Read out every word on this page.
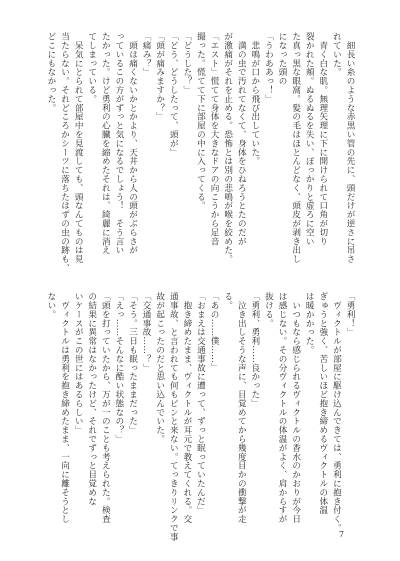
　細長い糸のような赤黒い管の先に、頭だけが逆さに吊さ
れていた。
　青く白な肌。無理矢理に下に開けられて口角が切り
裂かれた頬。ぬるぬるを失い、ぽっかりと虚ろに空い
た真っ黒な眼窩。髪の毛はほとんどなく、頭皮が剥き出し
になった頭の
「うわああっ！」
　悲鳴が口から飛び出していた。
　満の虫で汚れてなくて、身体をひねろうとたのだが
が激痛がそれを止める。恐怖とは別の悲鳴が喉を絞めた。
「エスト」慌てて身体を大きなドアの向こうから足音
撮った。慌てて下に部屋の中に入ってくる。
「どうした？」
「どう、どうしたって、頭が」
「頭が痛みますか？」
「痛み？」
　頭は痛くないかとかより、天井から人の頭がぶらさが
っているこの方がずっと気になるでしょう！　そう言い
たかった。けど勇利の心臓を縮めたそれは、綺麗に消え
てしまっている。
　呆気にとられて部屋中を見渡しても、頭なんてものは見
当たらない。それどころかシーツに落ちたはずの虫の跡も、
どこにもなかった。
「勇利！」
　ヴィクトルが部屋に駆け込んできては、勇利に抱き付く。
ぎゅうと強く、苦しいほど抱き締めるヴィクトルの体温
は暖かかった。
　いつもなら感じられるヴィクトルの香水のかおりが今日
は感じない。その分ヴィクトルの体温がよく、肩からすが
抜ける。
「勇利、勇利……良かった」
　泣き出しそうな声に、目覚めてから幾度目かの衝撃が走
る。
「あの……僕……」
「おまえは交通事故に遭って、ずっと眠っていたんだ」
　抱き締めたまま、ヴィクトルが耳元で教えてくれる。交
通事故、と言われても何もピンと来ない。てっきりリンクで事
故が起こったのだと思い込んでいた。
「交通事故……？」
「そう。三日も眠ったままだった」
「えっ……そんなに酷い状態なの？」
「頭を打っていたから、万が一のことも考えられた。検査
の結果に異常はなかったけど、それでずっと目覚めな
いケースがこの世にはあるらしい」
　ヴィクトルは勇利を抱き締めたまま、一向に離そうとし
ない。
7
